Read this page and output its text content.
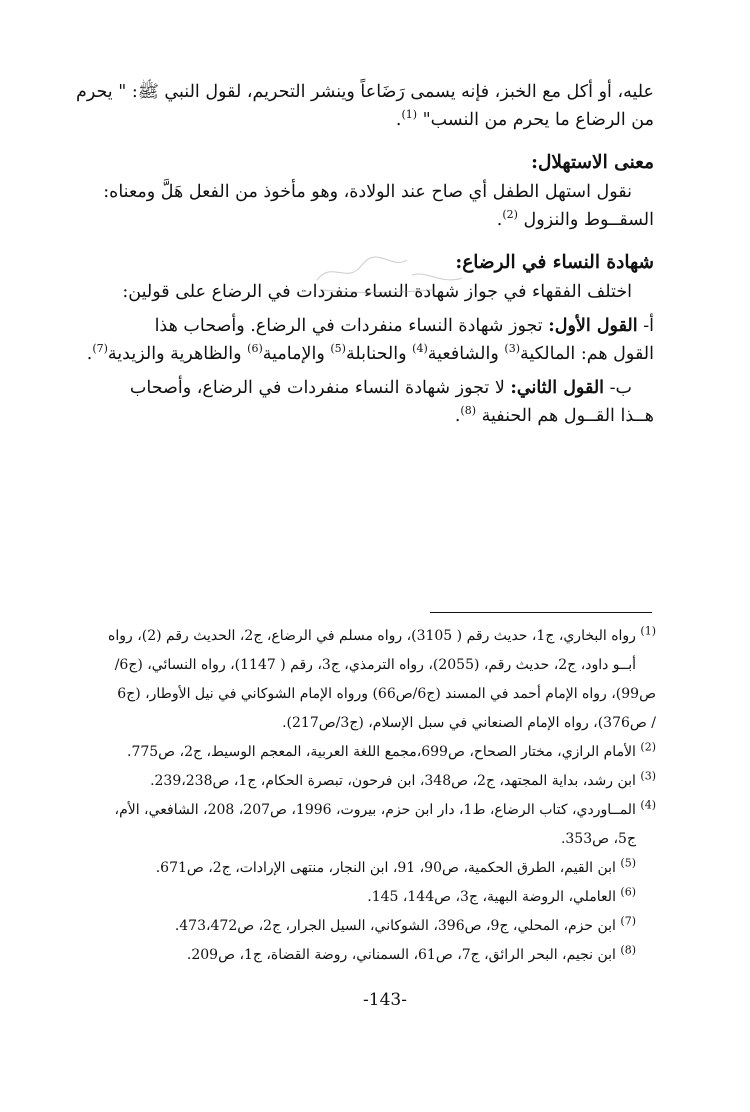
عليه، أو أكل مع الخبز، فإنه يسمى رَضَاعاً وينشر التحريم، لقول النبي ﷺ: " يحرم
من الرضاع ما يحرم من النسب" $^{(1)}$.
معنى الاستهلال:
نقول استهل الطفل أي صاح عند الولادة، وهو مأخوذ من الفعل هَلَّ ومعناه:
السقــوط والنزول $^{(2)}$.
شهادة النساء في الرضاع:
اختلف الفقهاء في جواز شهادة النساء منفردات في الرضاع على قولين:
أ- القول الأول: تجوز شهادة النساء منفردات في الرضاع. وأصحاب هذا
القول هم: المالكية$^{(3)}$ والشافعية$^{(4)}$ والحنابلة$^{(5)}$ والإمامية$^{(6)}$ والظاهرية والزيدية$^{(7)}$.
ب- القول الثاني: لا تجوز شهادة النساء منفردات في الرضاع، وأصحاب
هــذا القــول هم الحنفية $^{(8)}$.
$^{(1)}$ رواه البخاري، ج1، حديث رقم ( 3105)، رواه مسلم في الرضاع، ج2، الحديث رقم (2)، رواه
أبــو داود، ج2، حديث رقم، (2055)، رواه الترمذي، ج3، رقم ( 1147)، رواه النسائي، (ج6/
ص99)، رواه الإمام أحمد في المسند (ج6/ص66) ورواه الإمام الشوكاني في نيل الأوطار، (ج6
/ ص376)، رواه الإمام الصنعاني في سبل الإسلام، (ج3/ص217).
$^{(2)}$ الأمام الرازي، مختار الصحاح، ص699،مجمع اللغة العربية، المعجم الوسيط، ج2، ص775.
$^{(3)}$ ابن رشد، بداية المجتهد، ج2، ص348، ابن فرحون، تبصرة الحكام، ج1، ص239،238.
$^{(4)}$ المــاوردي، كتاب الرضاع، ط1، دار ابن حزم، بيروت، 1996، ص207، 208، الشافعي، الأم،
ج5، ص353.
$^{(5)}$ ابن القيم، الطرق الحكمية، ص90، 91، ابن النجار، منتهى الإرادات، ج2، ص671.
$^{(6)}$ العاملي، الروضة البهية، ج3، ص144، 145.
$^{(7)}$ ابن حزم، المحلي، ج9، ص396، الشوكاني، السيل الجرار، ج2، ص473،472.
$^{(8)}$ ابن نجيم، البحر الرائق، ج7، ص61، السمناني، روضة القضاة، ج1، ص209.
-143-
